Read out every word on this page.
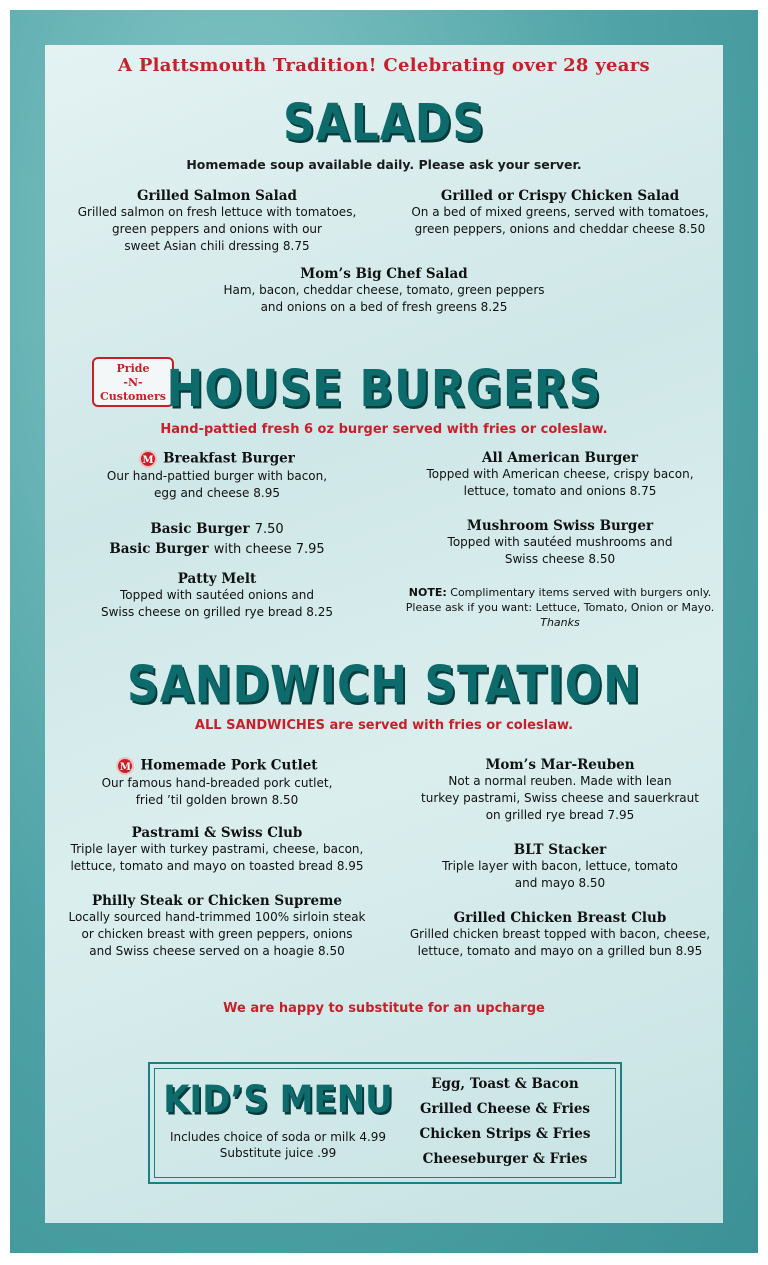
A Plattsmouth Tradition! Celebrating over 28 years
SALADS
Homemade soup available daily. Please ask your server.
Grilled Salmon Salad
Grilled salmon on fresh lettuce with tomatoes,
green peppers and onions with our
sweet Asian chili dressing 8.75
Grilled or Crispy Chicken Salad
On a bed of mixed greens, served with tomatoes,
green peppers, onions and cheddar cheese 8.50
Mom’s Big Chef Salad
Ham, bacon, cheddar cheese, tomato, green peppers
and onions on a bed of fresh greens 8.25
Pride
-N-
Customers HOUSE BURGERS
Hand-pattied fresh 6 oz burger served with fries or coleslaw.
M Breakfast Burger
Our hand-pattied burger with bacon,
egg and cheese 8.95
All American Burger
Topped with American cheese, crispy bacon,
lettuce, tomato and onions 8.75
Basic Burger 7.50
Basic Burger with cheese 7.95
Mushroom Swiss Burger
Topped with sautéed mushrooms and
Swiss cheese 8.50
Patty Melt
Topped with sautéed onions and
Swiss cheese on grilled rye bread 8.25
NOTE: Complimentary items served with burgers only.
Please ask if you want: Lettuce, Tomato, Onion or Mayo.
Thanks
SANDWICH STATION
ALL SANDWICHES are served with fries or coleslaw.
M Homemade Pork Cutlet
Our famous hand-breaded pork cutlet,
fried ’til golden brown 8.50
Mom’s Mar-Reuben
Not a normal reuben. Made with lean
turkey pastrami, Swiss cheese and sauerkraut
on grilled rye bread 7.95
Pastrami & Swiss Club
Triple layer with turkey pastrami, cheese, bacon,
lettuce, tomato and mayo on toasted bread 8.95
BLT Stacker
Triple layer with bacon, lettuce, tomato
and mayo 8.50
Philly Steak or Chicken Supreme
Locally sourced hand-trimmed 100% sirloin steak
or chicken breast with green peppers, onions
and Swiss cheese served on a hoagie 8.50
Grilled Chicken Breast Club
Grilled chicken breast topped with bacon, cheese,
lettuce, tomato and mayo on a grilled bun 8.95
We are happy to substitute for an upcharge
KID’S MENU
Includes choice of soda or milk 4.99
Substitute juice .99
Egg, Toast & Bacon
Grilled Cheese & Fries
Chicken Strips & Fries
Cheeseburger & Fries
